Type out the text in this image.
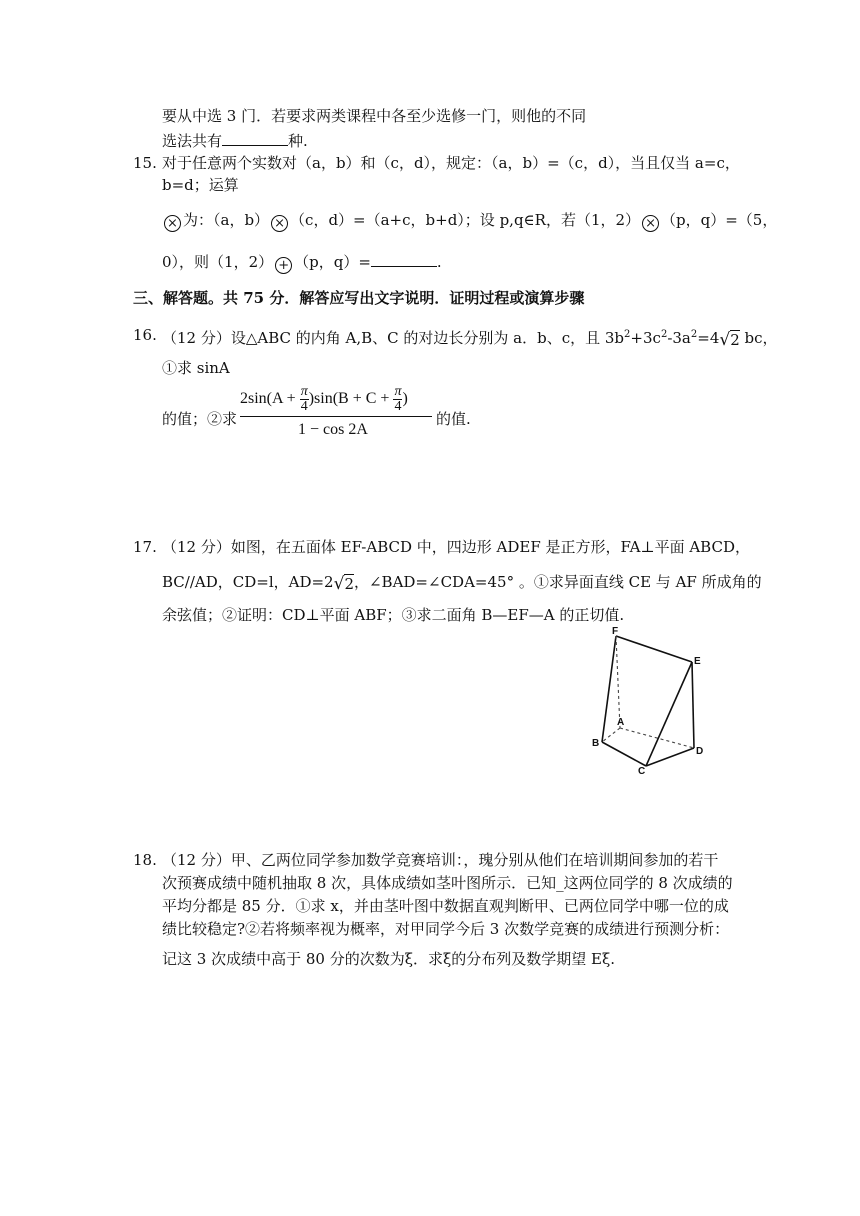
要从中选 3 门．若要求两类课程中各至少选修一门，则他的不同
选法共有	种.
15. 对于任意两个实数对（a，b）和（c，d），规定：（a，b）=（c，d），当且仅当 a=c，
b=d；运算
× 为：（a，b） × （c，d）=（a+c，b+d）；设 p,q∈R，若（1，2） × （p，q）=（5，
0），则（1，2） + （p，q）=	.
三、解答题。共 75 分．解答应写出文字说明．证明过程或演算步骤
16. （12 分）设△ABC 的内角 A,B、C 的对边长分别为 a．b、c，且 $3b^2+3c^2-3a^2=4√2$ bc，
①求 sinA
的值；②求
$2\sin(A + \frac{\pi}{4} )\sin(B + C + \frac{\pi}{4}$ )
1 − cos 2A
的值.
17. （12 分）如图，在五面体 EF-ABCD 中，四边形 ADEF 是正方形，FA⊥平面 ABCD，
BC//AD，CD=l，AD=2√2，∠BAD=∠CDA=45° 。①求异面直线 CE 与 AF 所成角的
余弦值；②证明：CD⊥平面 ABF；③求二面角 B—EF—A 的正切值.
F
E
A
B
C
D
18. （12 分）甲、乙两位同学参加数学竞赛培训：，瑰分别从他们在培训期间参加的若干
次预赛成绩中随机抽取 8 次，具体成绩如茎叶图所示．已知_这两位同学的 8 次成绩的
平均分都是 85 分．①求 x，并由茎叶图中数据直观判断甲、已两位同学中哪一位的成
绩比较稳定?②若将频率视为概率，对甲同学今后 3 次数学竞赛的成绩进行预测分析：
记这 3 次成绩中高于 80 分的次数为ξ．求ξ的分布列及数学期望 Eξ.
